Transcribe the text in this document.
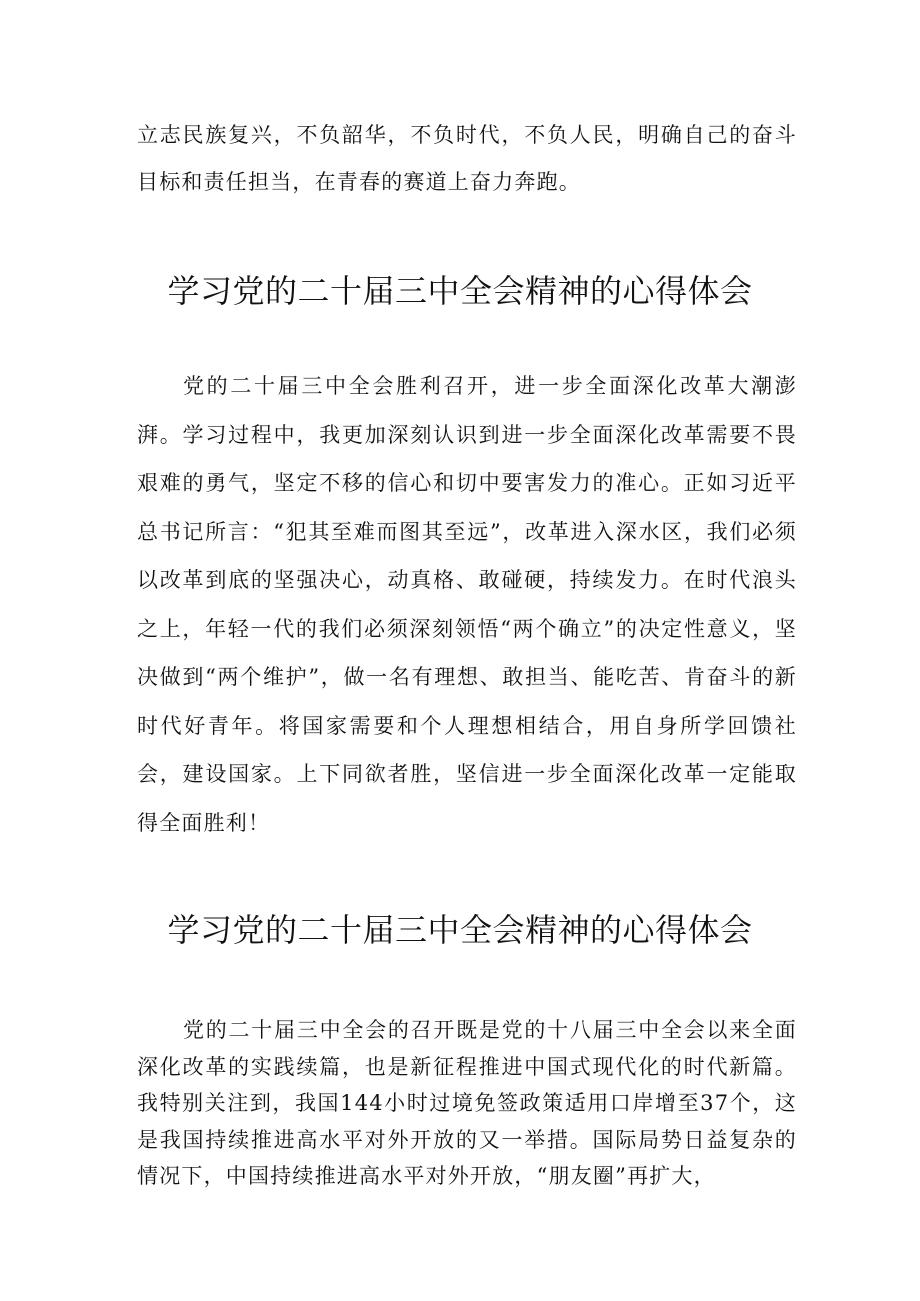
立志民族复兴，不负韶华，不负时代，不负人民，明确自己的奋斗目标和责任担当，在青春的赛道上奋力奔跑。

学习党的二十届三中全会精神的心得体会

党的二十届三中全会胜利召开，进一步全面深化改革大潮澎湃。学习过程中，我更加深刻认识到进一步全面深化改革需要不畏艰难的勇气，坚定不移的信心和切中要害发力的准心。正如习近平总书记所言：“犯其至难而图其至远”，改革进入深水区，我们必须以改革到底的坚强决心，动真格、敢碰硬，持续发力。在时代浪头之上，年轻一代的我们必须深刻领悟“两个确立”的决定性意义，坚决做到“两个维护”，做一名有理想、敢担当、能吃苦、肯奋斗的新时代好青年。将国家需要和个人理想相结合，用自身所学回馈社会，建设国家。上下同欲者胜，坚信进一步全面深化改革一定能取得全面胜利！

学习党的二十届三中全会精神的心得体会

党的二十届三中全会的召开既是党的十八届三中全会以来全面深化改革的实践续篇，也是新征程推进中国式现代化的时代新篇。我特别关注到，我国144小时过境免签政策适用口岸增至37个，这是我国持续推进高水平对外开放的又一举措。国际局势日益复杂的情况下，中国持续推进高水平对外开放，“朋友圈”再扩大，
